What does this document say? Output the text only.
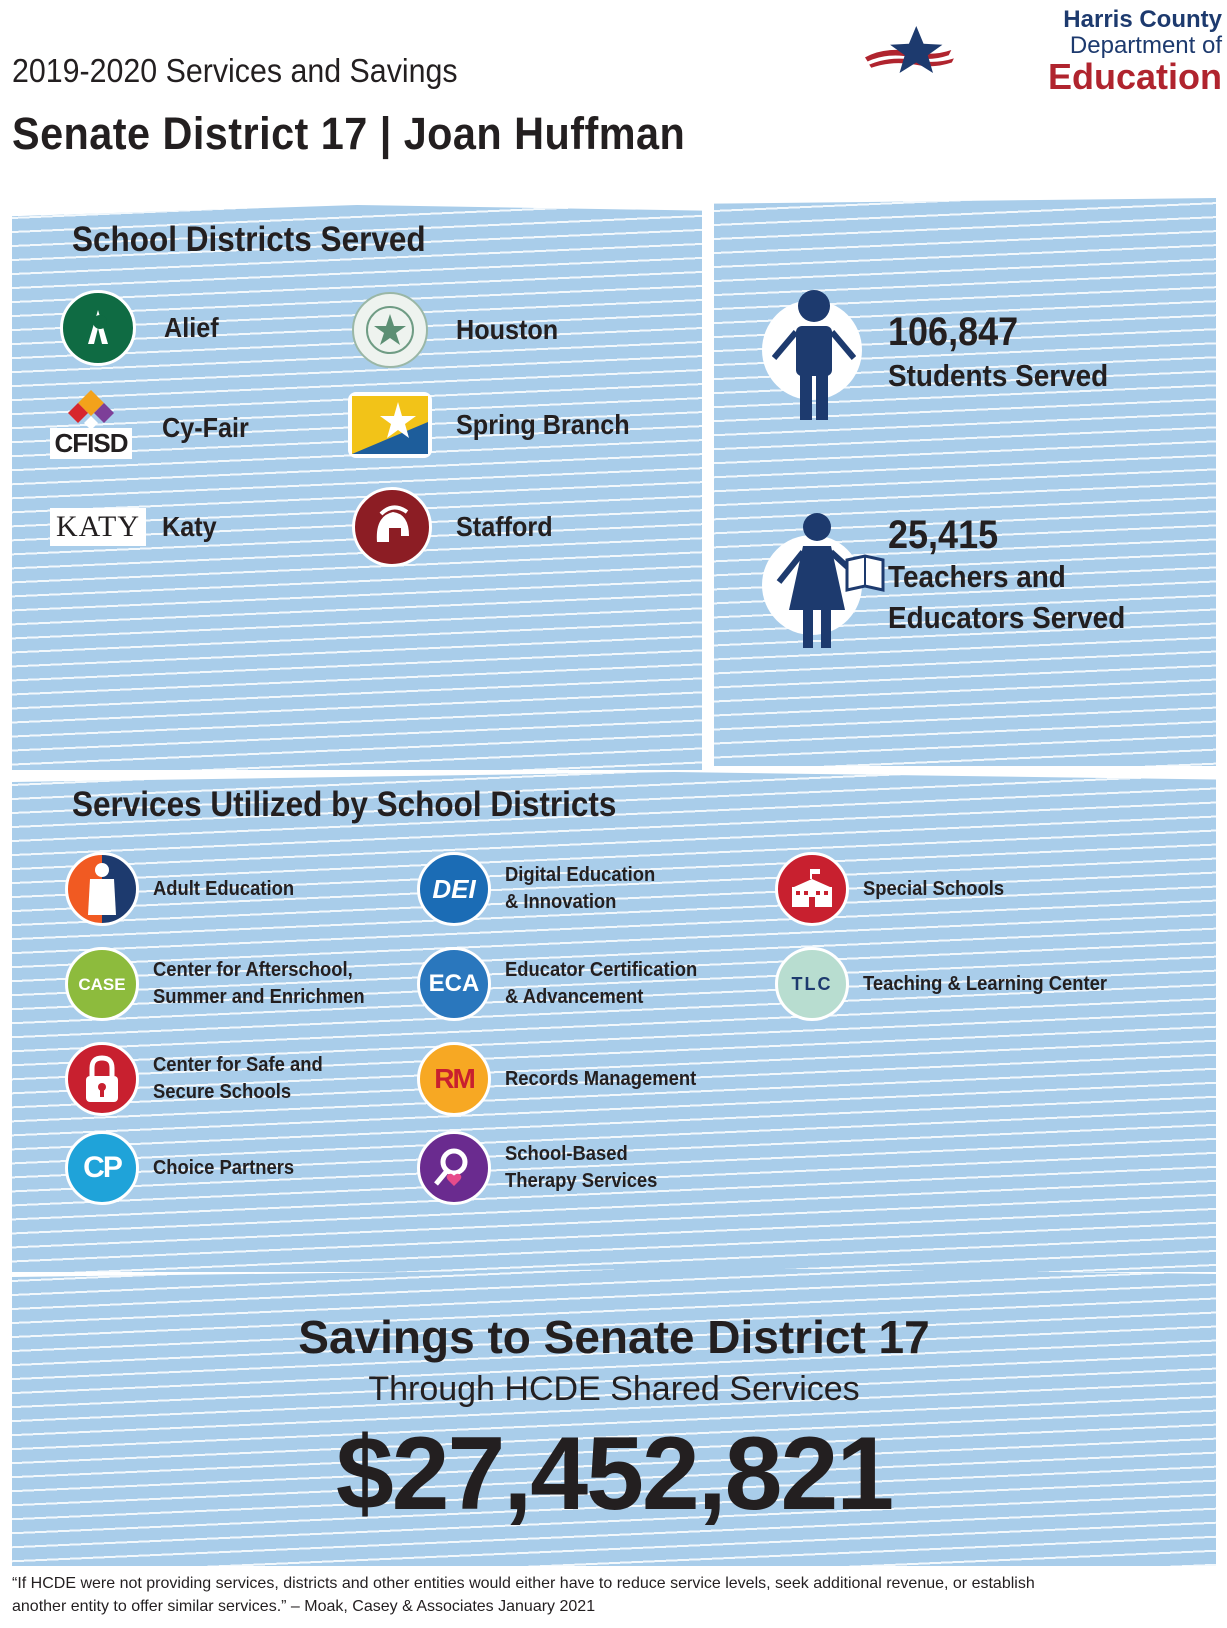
2019-2020 Services and Savings
Senate District 17 | Joan Huffman
Harris County
Department of
Education
School Districts Served
Alief	Houston
CFISD Cy-Fair	Spring Branch
KATY Katy	Stafford
106,847
Students Served
25,415
Teachers and
Educators Served
Services Utilized by School Districts
Adult Education
CASE
Center for Afterschool,
Summer and Enrichmen
Center for Safe and
Secure Schools
CP Choice Partners
DEI Digital Education
& Innovation
ECA Educator Certification
& Advancement
RM Records Management
School-Based
Therapy Services
Special Schools
TLC Teaching & Learning Center
Savings to Senate District 17
Through HCDE Shared Services
$27,452,821
“If HCDE were not providing services, districts and other entities would either have to reduce service levels, seek additional revenue, or establish
another entity to offer similar services.” – Moak, Casey & Associates January 2021
